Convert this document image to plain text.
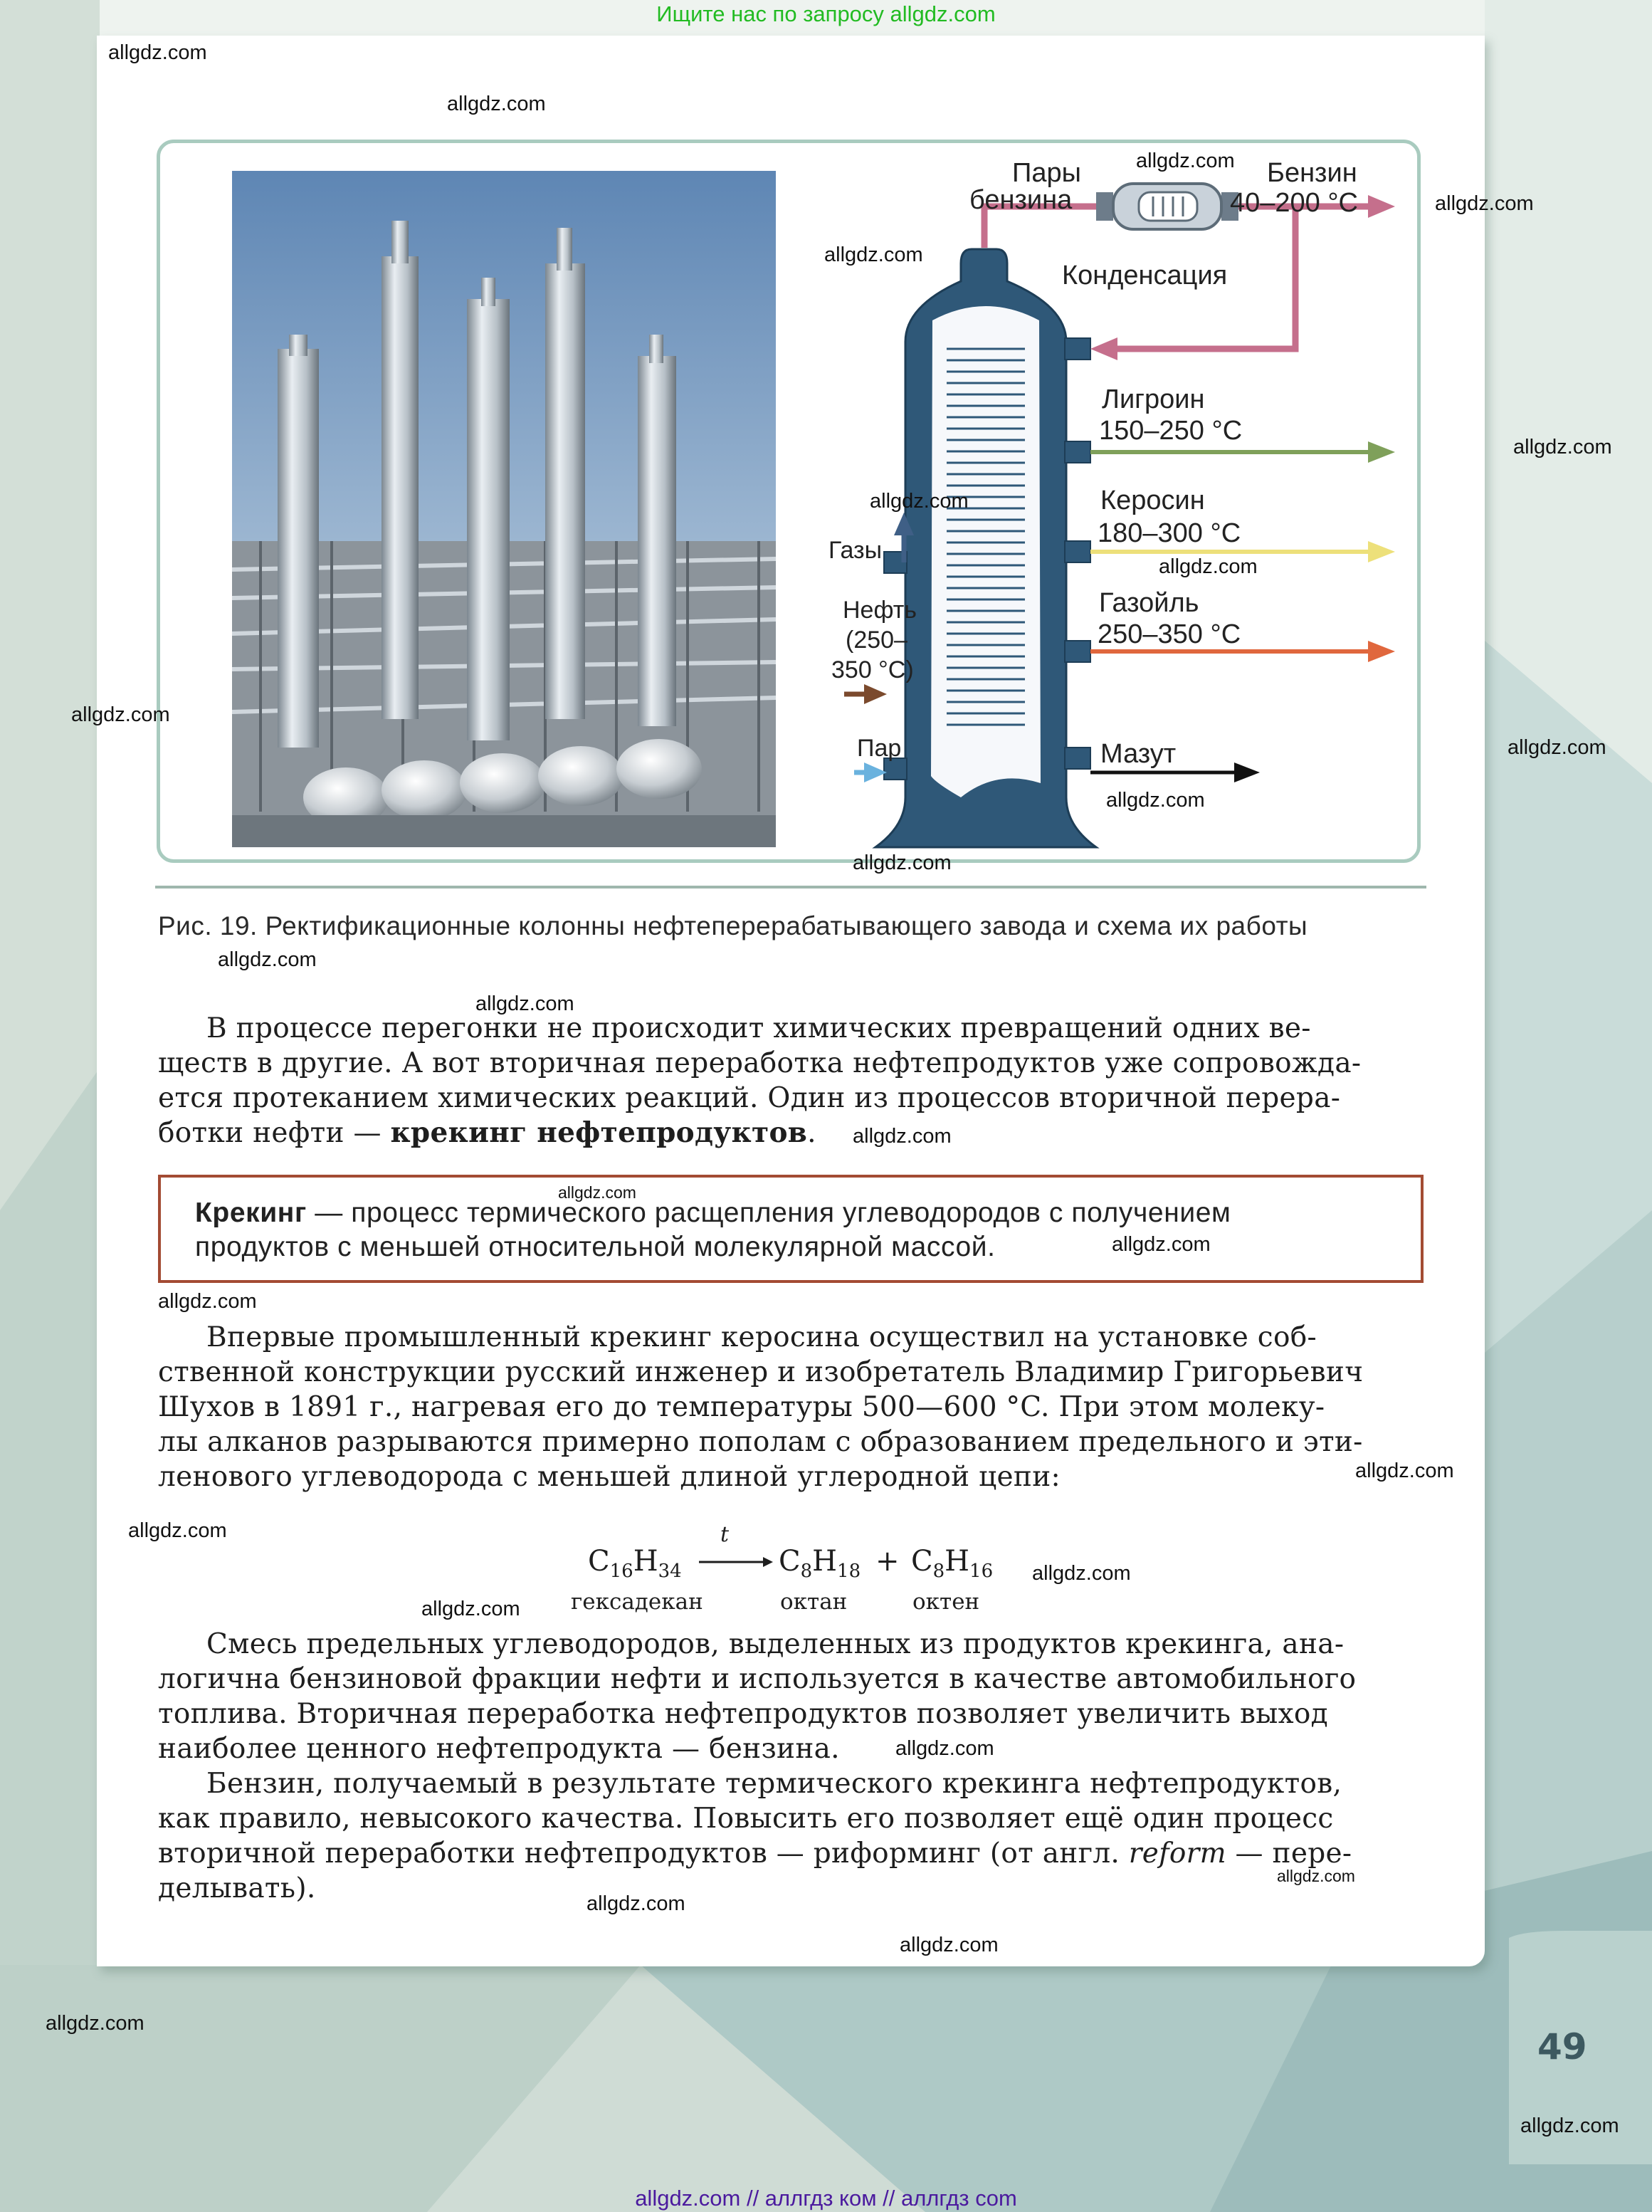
Ищите нас по запросу allgdz.com
Пары
бензина
Конденсация
Бензин
40–200 °C
Лигроин
150–250 °C
Керосин
180–300 °C
Газойль
250–350 °C
Мазут
Газы
Нефть
(250–
350 °C)
Пар
Рис. 19. Ректификационные колонны нефтеперерабатывающего завода и схема их работы

В процессе перегонки не происходит химических превращений одних ве-
ществ в другие. А вот вторичная переработка нефтепродуктов уже сопровожда-
ется протеканием химических реакций. Один из процессов вторичной перера-
ботки нефти — крекинг нефтепродуктов.

Крекинг — процесс термического расщепления углеводородов с получением
продуктов с меньшей относительной молекулярной массой.

Впервые промышленный крекинг керосина осуществил на установке соб-
ственной конструкции русский инженер и изобретатель Владимир Григорьевич
Шухов в 1891 г., нагревая его до температуры 500—600 °C. При этом молеку-
лы алканов разрываются примерно пополам с образованием предельного и эти-
ленового углеводорода с меньшей длиной углеродной цепи:

$C_{16}H_{34}$
t
$C_8H_{18} + C_8H_{16}$
гексадекан	октан	октен

Смесь предельных углеводородов, выделенных из продуктов крекинга, ана-
логична бензиновой фракции нефти и используется в качестве автомобильного
топлива. Вторичная переработка нефтепродуктов позволяет увеличить выход
наиболее ценного нефтепродукта — бензина.

Бензин, получаемый в результате термического крекинга нефтепродуктов,
как правило, невысокого качества. Повысить его позволяет ещё один процесс
вторичной переработки нефтепродуктов — риформинг (от англ. reform — пере-
делывать).

49
allgdz.com
allgdz.com
allgdz.com
allgdz.com
allgdz.com
allgdz.com
allgdz.com
allgdz.com
allgdz.com
allgdz.com
allgdz.com
allgdz.com
allgdz.com
allgdz.com
allgdz.com
allgdz.com
allgdz.com
allgdz.com
allgdz.com
allgdz.com
allgdz.com
allgdz.com
allgdz.com
allgdz.com
allgdz.com
allgdz.com
allgdz.com
allgdz.com
allgdz.com // аллгдз ком // аллгдз com
